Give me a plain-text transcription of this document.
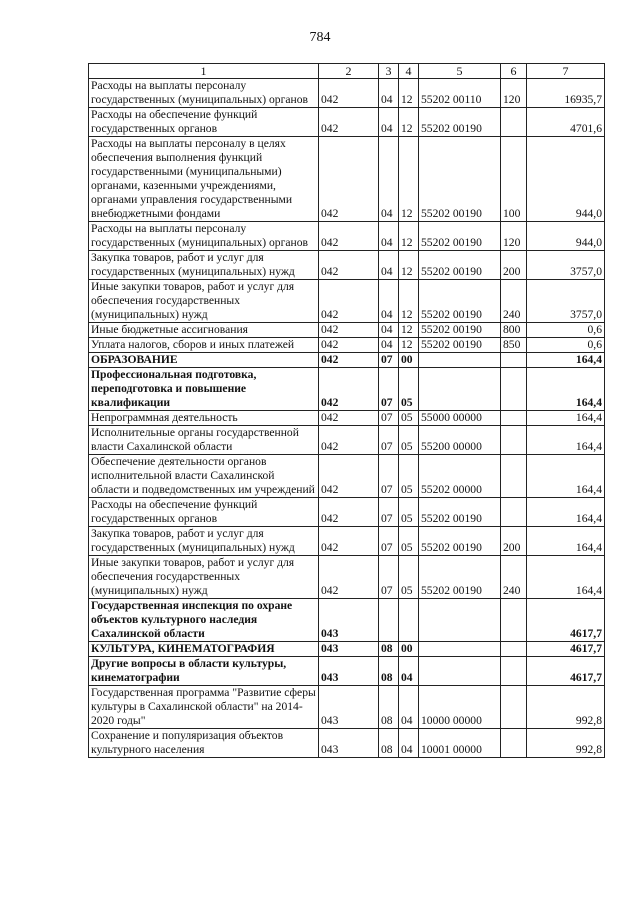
784
1	2	3	4	5	6	7
Расходы на выплаты персоналу государственных (муниципальных) органов	042	04	12	55202 00110	120	16935,7
Расходы на обеспечение функций государственных органов	042	04	12	55202 00190		4701,6
Расходы на выплаты персоналу в целях обеспечения выполнения функций государственными (муниципальными) органами, казенными учреждениями, органами управления государственными внебюджетными фондами	042	04	12	55202 00190	100	944,0
Расходы на выплаты персоналу государственных (муниципальных) органов	042	04	12	55202 00190	120	944,0
Закупка товаров, работ и услуг для государственных (муниципальных) нужд	042	04	12	55202 00190	200	3757,0
Иные закупки товаров, работ и услуг для обеспечения государственных (муниципальных) нужд	042	04	12	55202 00190	240	3757,0
Иные бюджетные ассигнования	042	04	12	55202 00190	800	0,6
Уплата налогов, сборов и иных платежей	042	04	12	55202 00190	850	0,6
ОБРАЗОВАНИЕ	042	07	00			164,4
Профессиональная подготовка, переподготовка и повышение квалификации	042	07	05			164,4
Непрограммная деятельность	042	07	05	55000 00000		164,4
Исполнительные органы государственной власти Сахалинской области	042	07	05	55200 00000		164,4
Обеспечение деятельности органов исполнительной власти Сахалинской области и подведомственных им учреждений	042	07	05	55202 00000		164,4
Расходы на обеспечение функций государственных органов	042	07	05	55202 00190		164,4
Закупка товаров, работ и услуг для государственных (муниципальных) нужд	042	07	05	55202 00190	200	164,4
Иные закупки товаров, работ и услуг для обеспечения государственных (муниципальных) нужд	042	07	05	55202 00190	240	164,4
Государственная инспекция по охране объектов культурного наследия Сахалинской области	043					4617,7
КУЛЬТУРА, КИНЕМАТОГРАФИЯ	043	08	00			4617,7
Другие вопросы в области культуры, кинематографии	043	08	04			4617,7
Государственная программа "Развитие сферы культуры в Сахалинской области" на 2014-2020 годы"	043	08	04	10000 00000		992,8
Сохранение и популяризация объектов культурного населения	043	08	04	10001 00000		992,8
